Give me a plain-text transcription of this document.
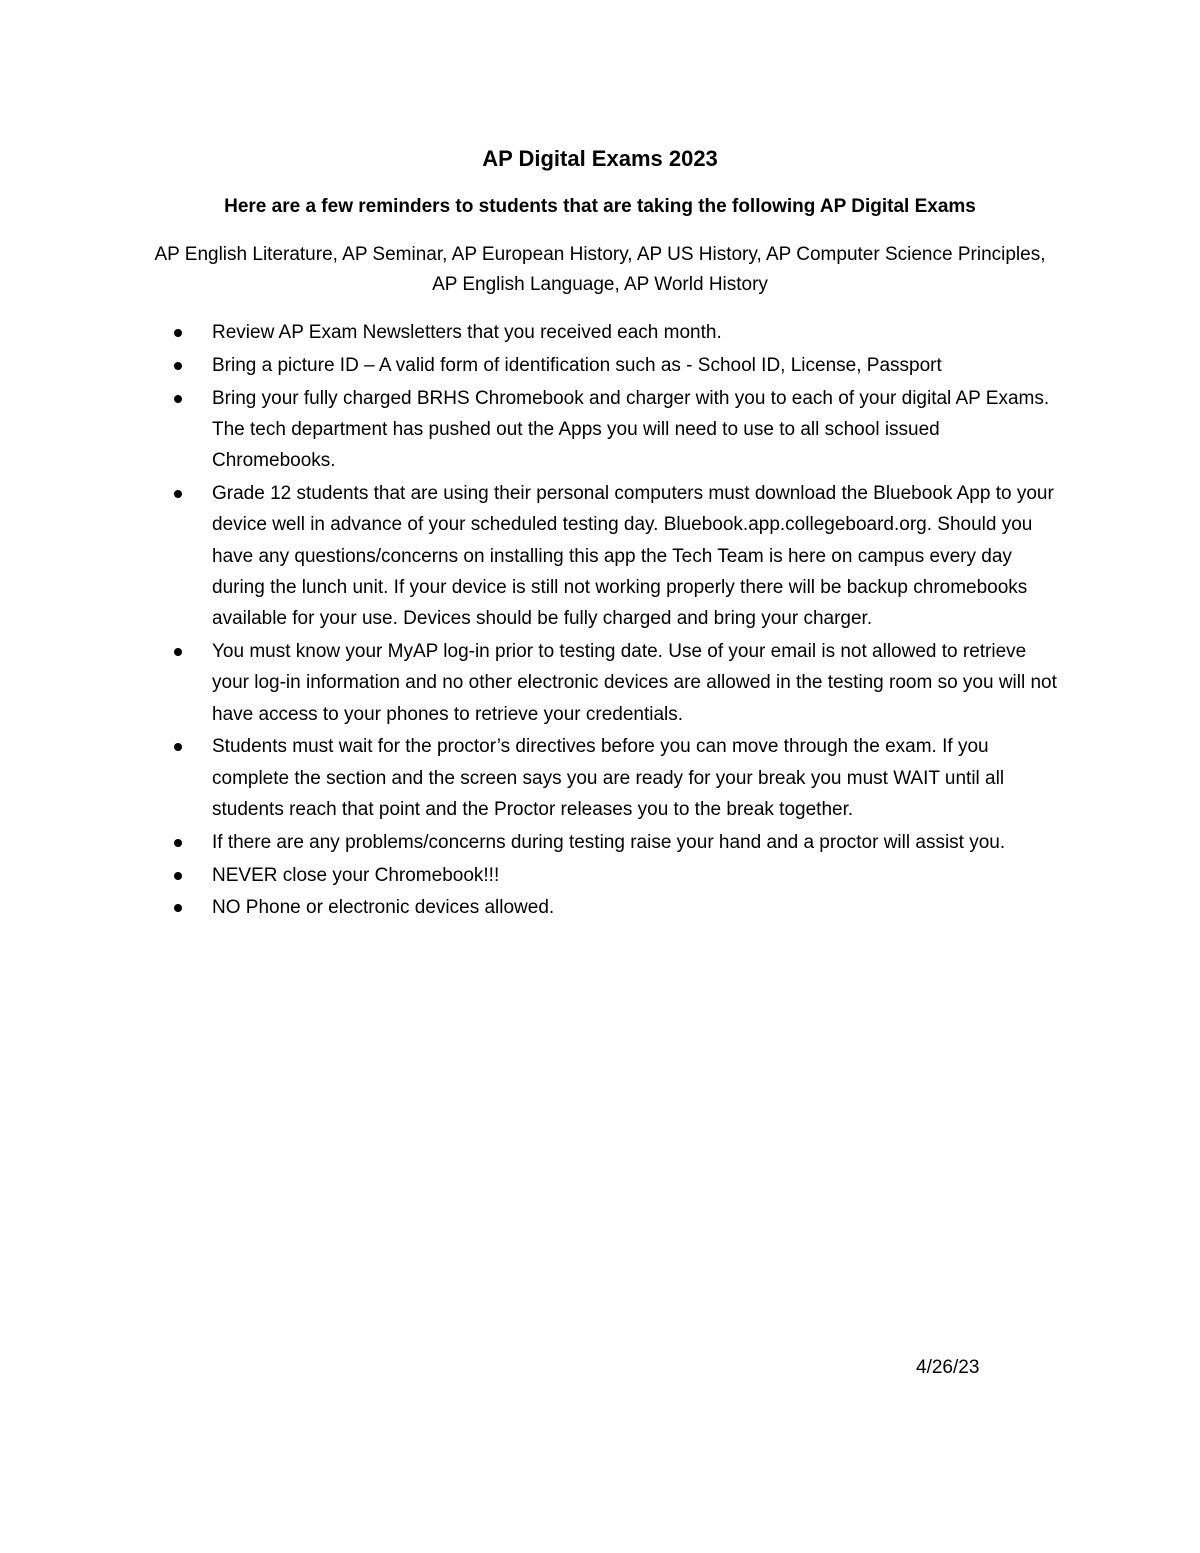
AP Digital Exams 2023
Here are a few reminders to students that are taking the following AP Digital Exams
AP English Literature, AP Seminar, AP European History, AP US History, AP Computer Science Principles, AP English Language, AP World History
Review AP Exam Newsletters that you received each month.
Bring a picture ID – A valid form of identification such as - School ID, License, Passport
Bring your fully charged BRHS Chromebook and charger with you to each of your digital AP Exams. The tech department has pushed out the Apps you will need to use to all school issued Chromebooks.
Grade 12 students that are using their personal computers must download the Bluebook App to your device well in advance of your scheduled testing day. Bluebook.app.collegeboard.org. Should you have any questions/concerns on installing this app the Tech Team is here on campus every day during the lunch unit. If your device is still not working properly there will be backup chromebooks available for your use. Devices should be fully charged and bring your charger.
You must know your MyAP log-in prior to testing date. Use of your email is not allowed to retrieve your log-in information and no other electronic devices are allowed in the testing room so you will not have access to your phones to retrieve your credentials.
Students must wait for the proctor’s directives before you can move through the exam. If you complete the section and the screen says you are ready for your break you must WAIT until all students reach that point and the Proctor releases you to the break together.
If there are any problems/concerns during testing raise your hand and a proctor will assist you.
NEVER close your Chromebook!!!
NO Phone or electronic devices allowed.
4/26/23
